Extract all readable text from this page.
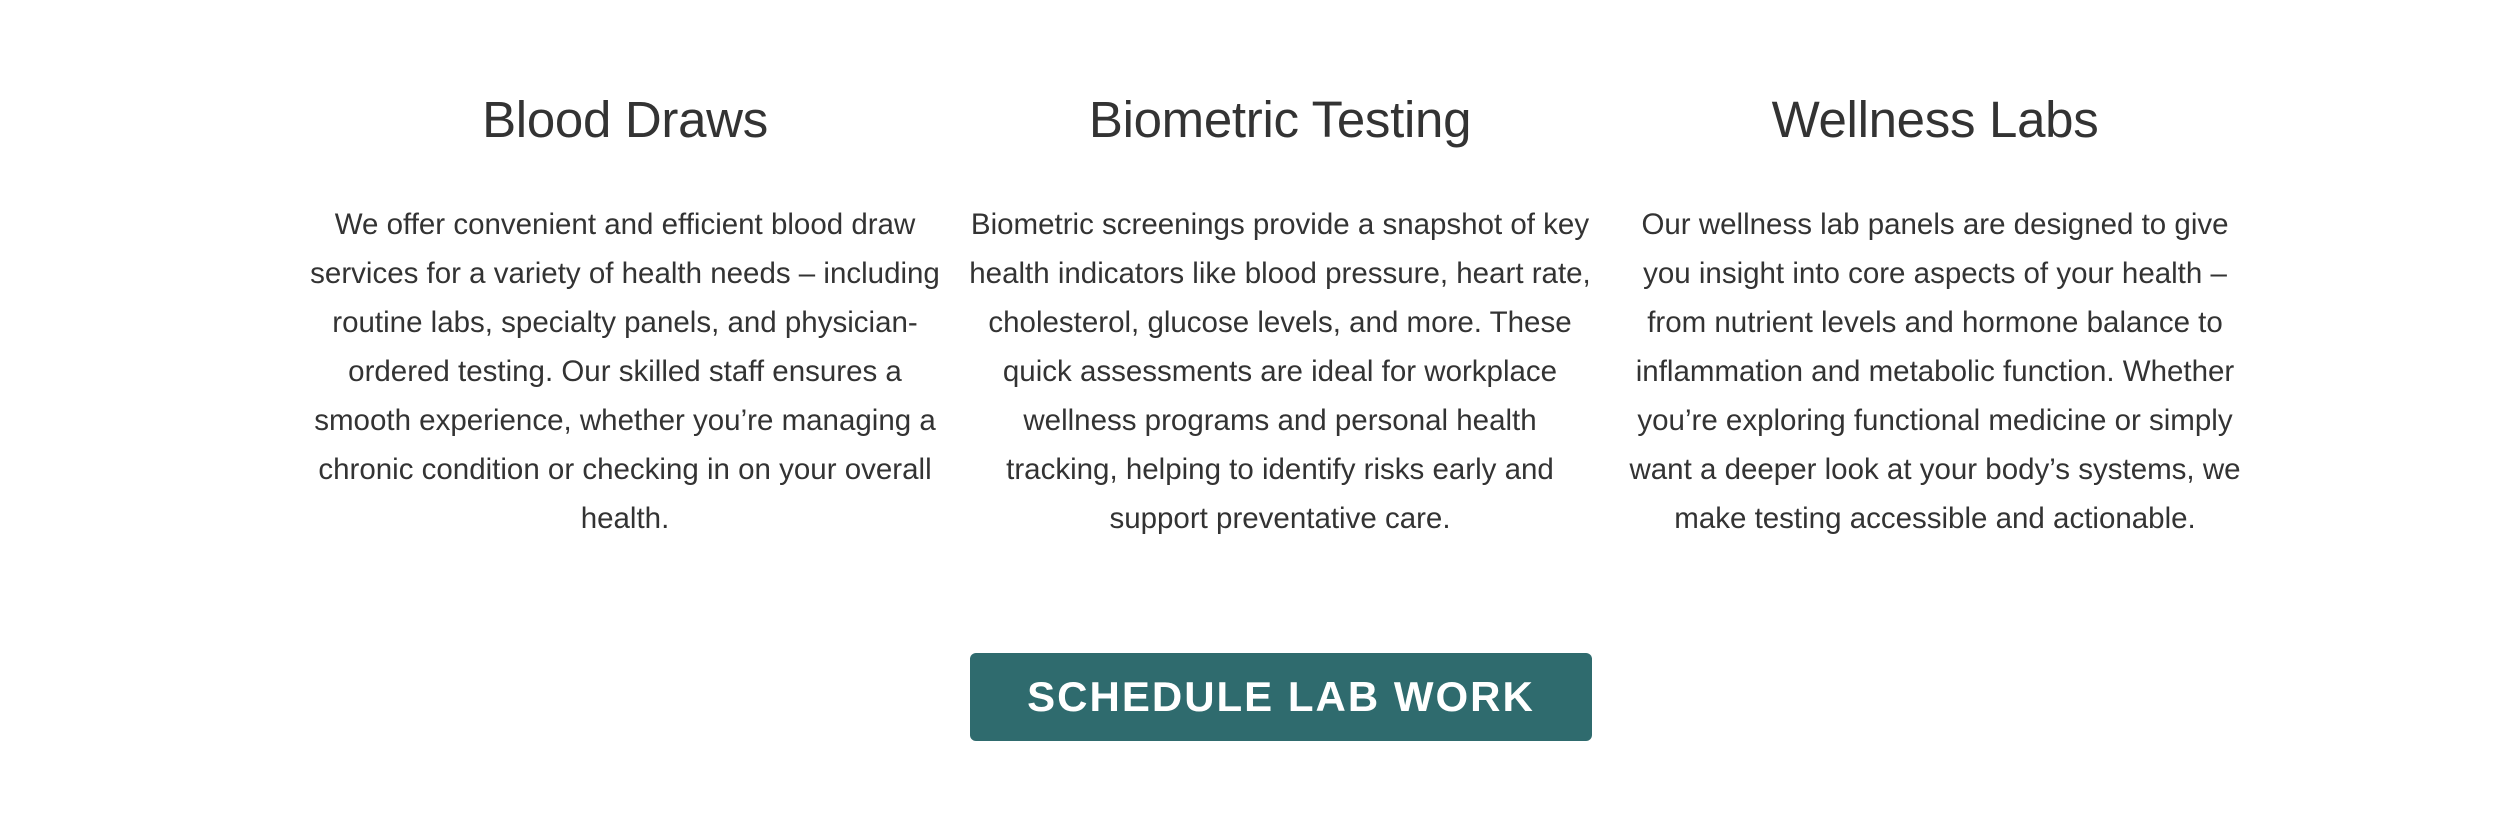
Blood Draws

We offer convenient and efficient blood draw services for a variety of health needs – including routine labs, specialty panels, and physician-ordered testing. Our skilled staff ensures a smooth experience, whether you’re managing a chronic condition or checking in on your overall health.

Biometric Testing

Biometric screenings provide a snapshot of key health indicators like blood pressure, heart rate, cholesterol, glucose levels, and more. These quick assessments are ideal for workplace wellness programs and personal health tracking, helping to identify risks early and support preventative care.

Wellness Labs

Our wellness lab panels are designed to give you insight into core aspects of your health – from nutrient levels and hormone balance to inflammation and metabolic function. Whether you’re exploring functional medicine or simply want a deeper look at your body’s systems, we make testing accessible and actionable.

SCHEDULE LAB WORK HERE
